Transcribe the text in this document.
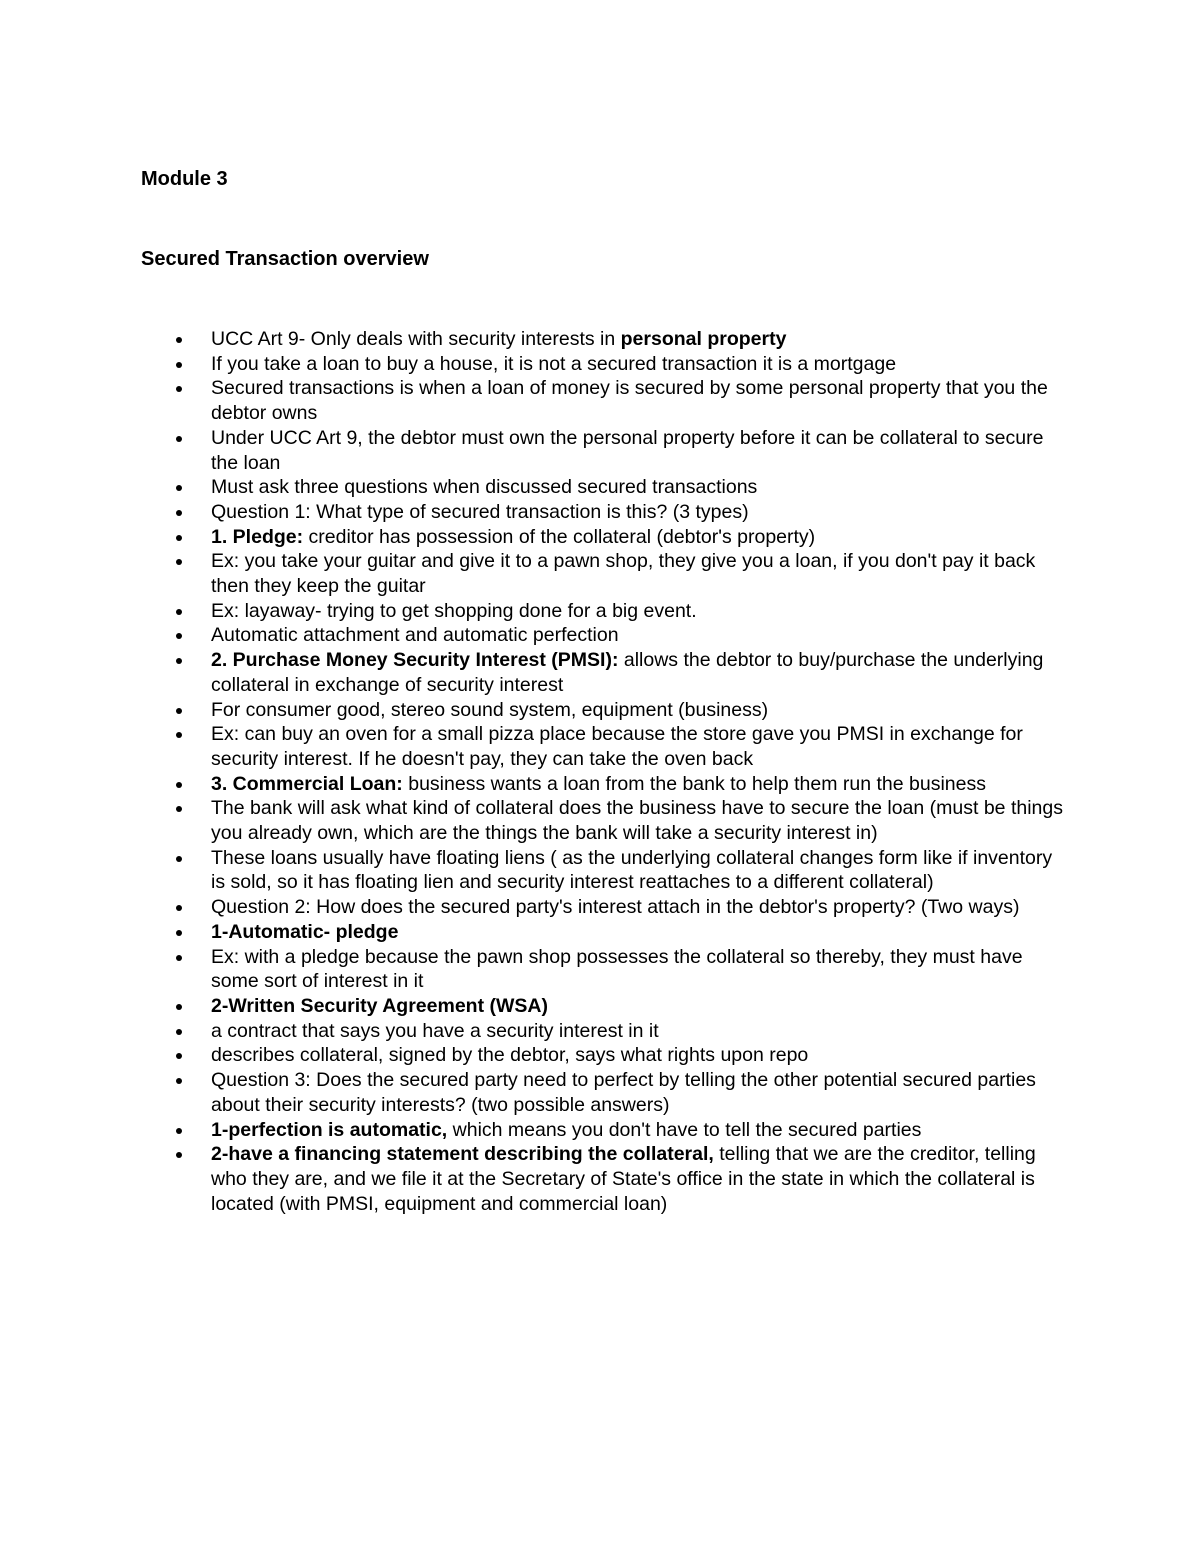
Module 3
Secured Transaction overview
UCC Art 9- Only deals with security interests in personal property
If you take a loan to buy a house, it is not a secured transaction it is a mortgage
Secured transactions is when a loan of money is secured by some personal property that you the debtor owns
Under UCC Art 9, the debtor must own the personal property before it can be collateral to secure the loan
Must ask three questions when discussed secured transactions
Question 1: What type of secured transaction is this? (3 types)
1. Pledge: creditor has possession of the collateral (debtor's property)
Ex: you take your guitar and give it to a pawn shop, they give you a loan, if you don't pay it back then they keep the guitar
Ex: layaway- trying to get shopping done for a big event.
Automatic attachment and automatic perfection
2. Purchase Money Security Interest (PMSI): allows the debtor to buy/purchase the underlying collateral in exchange of security interest
For consumer good, stereo sound system, equipment (business)
Ex: can buy an oven for a small pizza place because the store gave you PMSI in exchange for security interest. If he doesn't pay, they can take the oven back
3. Commercial Loan: business wants a loan from the bank to help them run the business
The bank will ask what kind of collateral does the business have to secure the loan (must be things you already own, which are the things the bank will take a security interest in)
These loans usually have floating liens ( as the underlying collateral changes form like if inventory is sold, so it has floating lien and security interest reattaches to a different collateral)
Question 2: How does the secured party's interest attach in the debtor's property? (Two ways)
1-Automatic- pledge
Ex: with a pledge because the pawn shop possesses the collateral so thereby, they must have some sort of interest in it
2-Written Security Agreement (WSA)
a contract that says you have a security interest in it
describes collateral, signed by the debtor, says what rights upon repo
Question 3: Does the secured party need to perfect by telling the other potential secured parties about their security interests? (two possible answers)
1-perfection is automatic, which means you don't have to tell the secured parties
2-have a financing statement describing the collateral, telling that we are the creditor, telling who they are, and we file it at the Secretary of State's office in the state in which the collateral is located (with PMSI, equipment and commercial loan)
